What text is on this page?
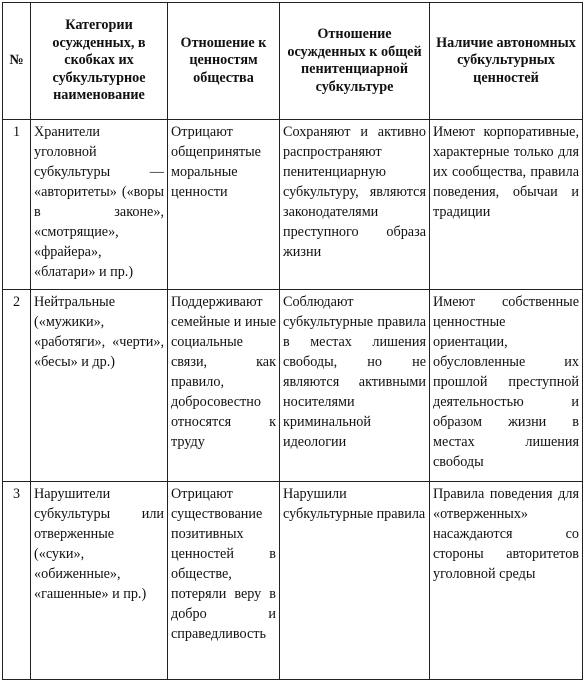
№	Категории осужденных, в скобках их субкультурное наименование	Отношение к ценностям общества	Отношение осужденных к общей пенитенциарной субкультуре	Наличие автономных субкультурных ценностей
1	Хранители уголовной субкультуры — «авторитеты» («воры в законе», «смотрящие», «фрайера», «блатари» и пр.)	Отрицают общепринятые моральные ценности	Сохраняют и активно распространяют пенитенциарную субкультуру, являются законодателями преступного образа жизни	Имеют корпоративные, характерные только для их сообщества, правила поведения, обычаи и традиции
2	Нейтральные («мужики», «работяги», «черти», «бесы» и др.)	Поддерживают семейные и иные социальные связи, как правило, добросовестно относятся к труду	Соблюдают субкультурные правила в местах лишения свободы, но не являются активными носителями криминальной идеологии	Имеют собственные ценностные ориентации, обусловленные их прошлой преступной деятельностью и образом жизни в местах лишения свободы
3	Нарушители субкультуры или отверженные («суки», «обиженные», «гашенные» и пр.)	Отрицают существование позитивных ценностей в обществе, потеряли веру в добро и справедливость	Нарушили субкультурные правила	Правила поведения для «отверженных» насаждаются со стороны авторитетов уголовной среды
